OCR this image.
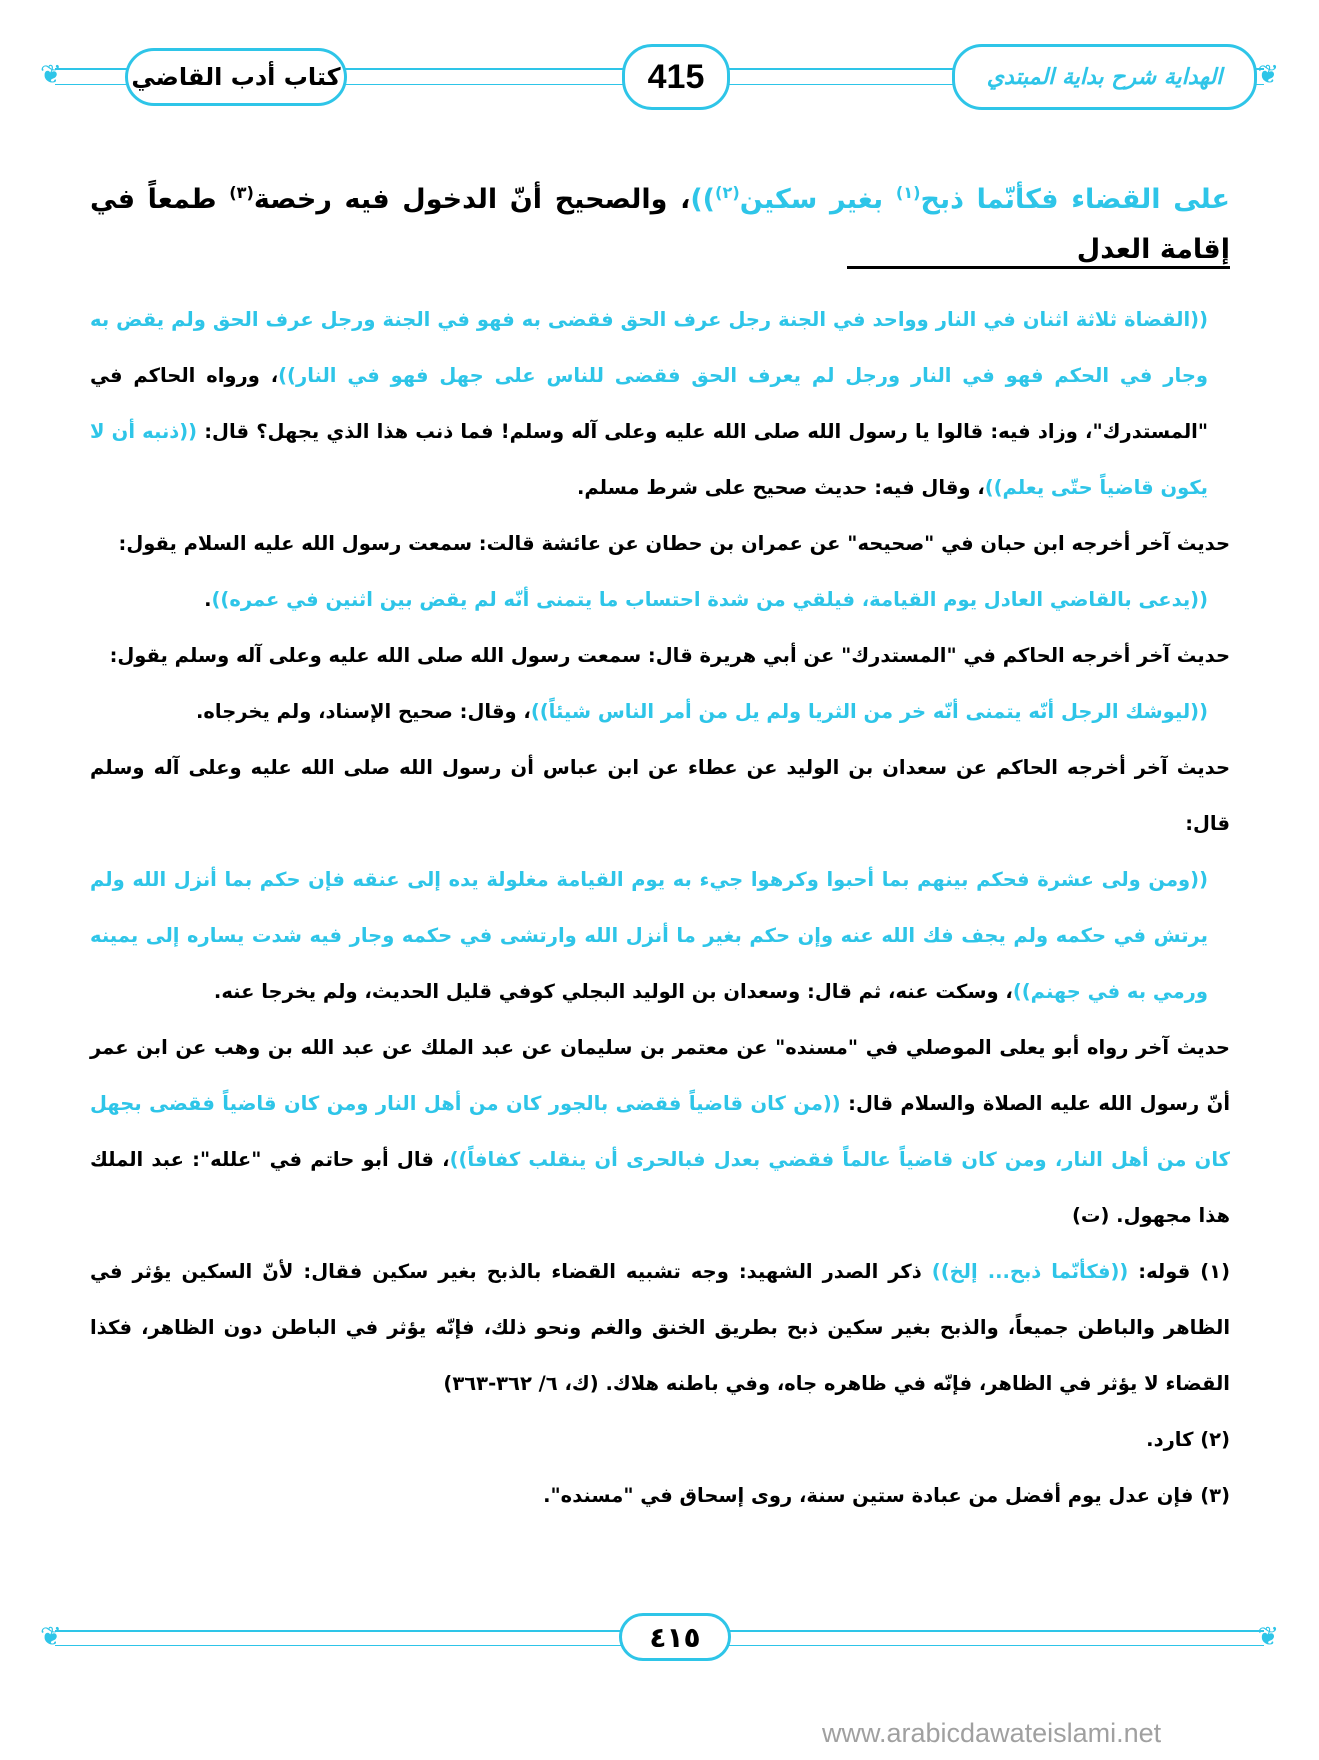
❦	❦
كتاب أدب القاضي	415	الهداية شرح بداية المبتدي
على القضاء فكأنّما ذبح$^{(١)}$ بغير سكين$^{(٢)}$))، والصحيح أنّ الدخول فيه رخصة$^{(٣)}$ طمعاً في إقامة العدل

((القضاة ثلاثة اثنان في النار وواحد في الجنة رجل عرف الحق فقضى به فهو في الجنة ورجل عرف الحق ولم يقض به وجار في الحكم فهو في النار ورجل لم يعرف الحق فقضى للناس على جهل فهو في النار))، ورواه الحاكم في "المستدرك"، وزاد فيه: قالوا يا رسول الله صلى الله عليه وعلى آله وسلم! فما ذنب هذا الذي يجهل؟ قال: ((ذنبه أن لا يكون قاضياً حتّى يعلم))، وقال فيه: حديث صحيح على شرط مسلم.

حديث آخر أخرجه ابن حبان في "صحيحه" عن عمران بن حطان عن عائشة قالت: سمعت رسول الله عليه السلام يقول:

((يدعى بالقاضي العادل يوم القيامة، فيلقي من شدة احتساب ما يتمنى أنّه لم يقض بين اثنين في عمره)).

حديث آخر أخرجه الحاكم في "المستدرك" عن أبي هريرة قال: سمعت رسول الله صلى الله عليه وعلى آله وسلم يقول:

((ليوشك الرجل أنّه يتمنى أنّه خر من الثريا ولم يل من أمر الناس شيئاً))، وقال: صحيح الإسناد، ولم يخرجاه.

حديث آخر أخرجه الحاكم عن سعدان بن الوليد عن عطاء عن ابن عباس أن رسول الله صلى الله عليه وعلى آله وسلم قال:

((ومن ولى عشرة فحكم بينهم بما أحبوا وكرهوا جيء به يوم القيامة مغلولة يده إلى عنقه فإن حكم بما أنزل الله ولم يرتش في حكمه ولم يجف فك الله عنه وإن حكم بغير ما أنزل الله وارتشى في حكمه وجار فيه شدت يساره إلى يمينه ورمي به في جهنم))، وسكت عنه، ثم قال: وسعدان بن الوليد البجلي كوفي قليل الحديث، ولم يخرجا عنه.

حديث آخر رواه أبو يعلى الموصلي في "مسنده" عن معتمر بن سليمان عن عبد الملك عن عبد الله بن وهب عن ابن عمر أنّ رسول الله عليه الصلاة والسلام قال: ((من كان قاضياً فقضى بالجور كان من أهل النار ومن كان قاضياً فقضى بجهل كان من أهل النار، ومن كان قاضياً عالماً فقضي بعدل فبالحرى أن ينقلب كفافاً))، قال أبو حاتم في "علله": عبد الملك هذا مجهول. (ت)

(١) قوله: ((فكأنّما ذبح... إلخ)) ذكر الصدر الشهيد: وجه تشبيه القضاء بالذبح بغير سكين فقال: لأنّ السكين يؤثر في الظاهر والباطن جميعاً، والذبح بغير سكين ذبح بطريق الخنق والغم ونحو ذلك، فإنّه يؤثر في الباطن دون الظاهر، فكذا القضاء لا يؤثر في الظاهر، فإنّه في ظاهره جاه، وفي باطنه هلاك. (ك، ٦/ ٣٦٢-٣٦٣)

(٢) كارد.

(٣) فإن عدل يوم أفضل من عبادة ستين سنة، روى إسحاق في "مسنده".

❦	❦
٤١٥
www.arabicdawateislami.net
